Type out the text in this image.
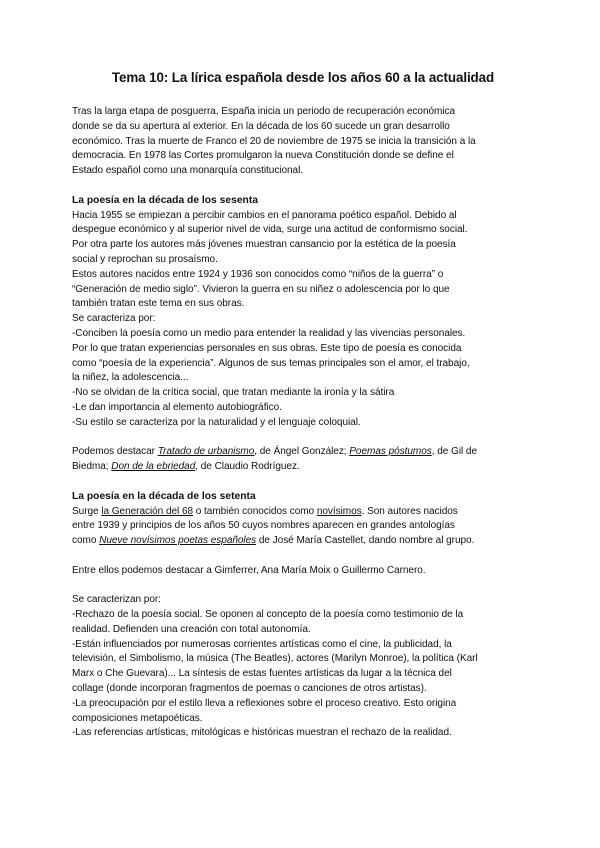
Tema 10: La lírica española desde los años 60 a la actualidad

Tras la larga etapa de posguerra, España inicia un periodo de recuperación económica

donde se da su apertura al exterior. En la década de los 60 sucede un gran desarrollo

económico. Tras la muerte de Franco el 20 de noviembre de 1975 se inicia la transición a la

democracia. En 1978 las Cortes promulgaron la nueva Constitución donde se define el

Estado español como una monarquía constitucional.

La poesía en la década de los sesenta

Hacia 1955 se empiezan a percibir cambios en el panorama poético español. Debido al

despegue económico y al superior nivel de vida, surge una actitud de conformismo social.

Por otra parte los autores más jóvenes muestran cansancio por la estética de la poesía

social y reprochan su prosaísmo.

Estos autores nacidos entre 1924 y 1936 son conocidos como “niños de la guerra” o

“Generación de medio siglo”. Vivieron la guerra en su niñez o adolescencia por lo que

también tratan este tema en sus obras.

Se caracteriza por:

-Conciben la poesía como un medio para entender la realidad y las vivencias personales.

Por lo que tratan experiencias personales en sus obras. Este tipo de poesía es conocida

como “poesía de la experiencia”. Algunos de sus temas principales son el amor, el trabajo,

la niñez, la adolescencia...

-No se olvidan de la crítica social, que tratan mediante la ironía y la sátira

-Le dan importancia al elemento autobiográfico.

-Su estilo se caracteriza por la naturalidad y el lenguaje coloquial.

Podemos destacar Tratado de urbanismo, de Ángel González; Poemas póstumos, de Gil de

Biedma; Don de la ebriedad, de Claudio Rodríguez.

La poesía en la década de los setenta

Surge la Generación del 68 o también conocidos como novísimos. Son autores nacidos

entre 1939 y principios de los años 50 cuyos nombres aparecen en grandes antologías

como Nueve novísimos poetas españoles de José María Castellet, dando nombre al grupo.

Entre ellos podemos destacar a Gimferrer, Ana María Moix o Guillermo Carnero.

Se caracterizan por:

-Rechazo de la poesía social. Se oponen al concepto de la poesía como testimonio de la

realidad. Defienden una creación con total autonomía.

-Están influenciados por numerosas corrientes artísticas como el cine, la publicidad, la

televisión, el Simbolismo, la música (The Beatles), actores (Marilyn Monroe), la política (Karl

Marx o Che Guevara)... La síntesis de estas fuentes artísticas da lugar a la técnica del

collage (donde incorporan fragmentos de poemas o canciones de otros artistas).

-La preocupación por el estilo lleva a reflexiones sobre el proceso creativo. Esto origina

composiciones metapoéticas.

-Las referencias artísticas, mitológicas e históricas muestran el rechazo de la realidad.
